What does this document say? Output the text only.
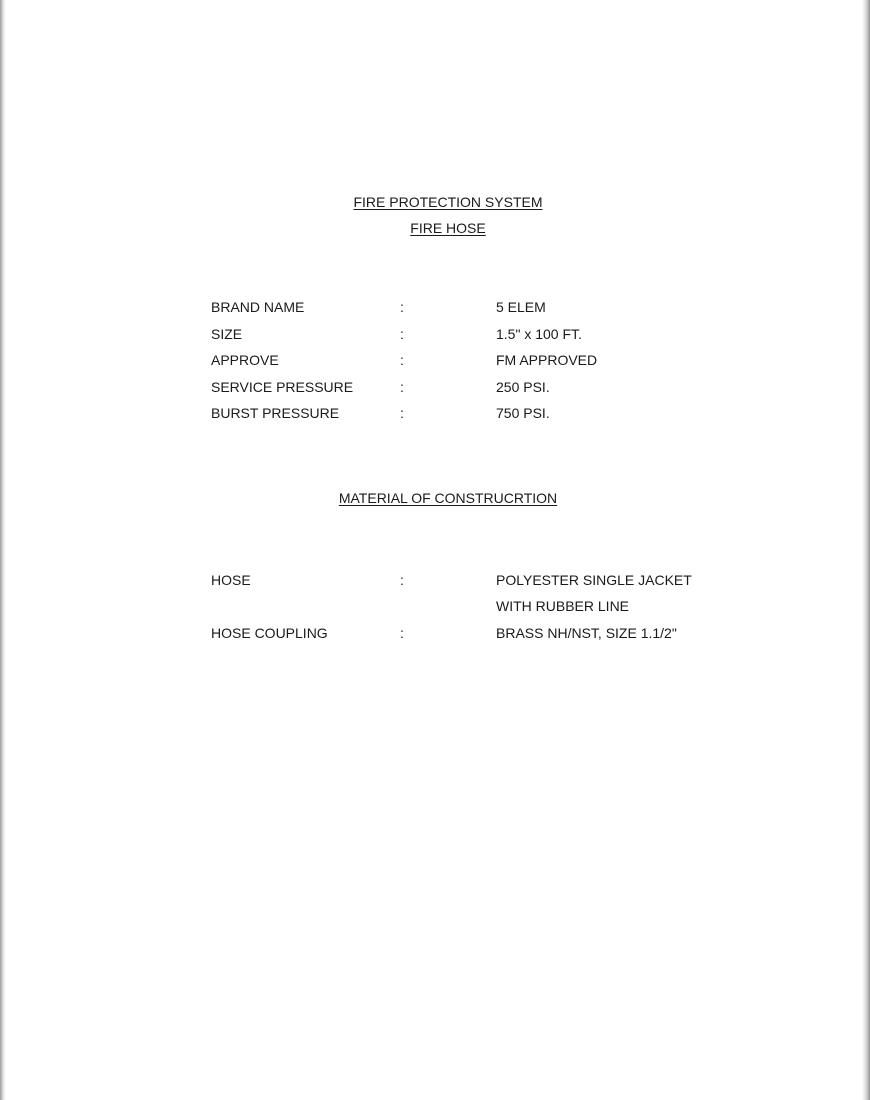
FIRE PROTECTION SYSTEM
FIRE HOSE
BRAND NAME	:	5 ELEM
SIZE	:	1.5" x 100 FT.
APPROVE	:	FM APPROVED
SERVICE PRESSURE	:	250 PSI.
BURST PRESSURE	:	750 PSI.
MATERIAL OF CONSTRUCRTION
HOSE	:	POLYESTER SINGLE JACKET
WITH RUBBER LINE
HOSE COUPLING	:	BRASS NH/NST, SIZE 1.1/2"
